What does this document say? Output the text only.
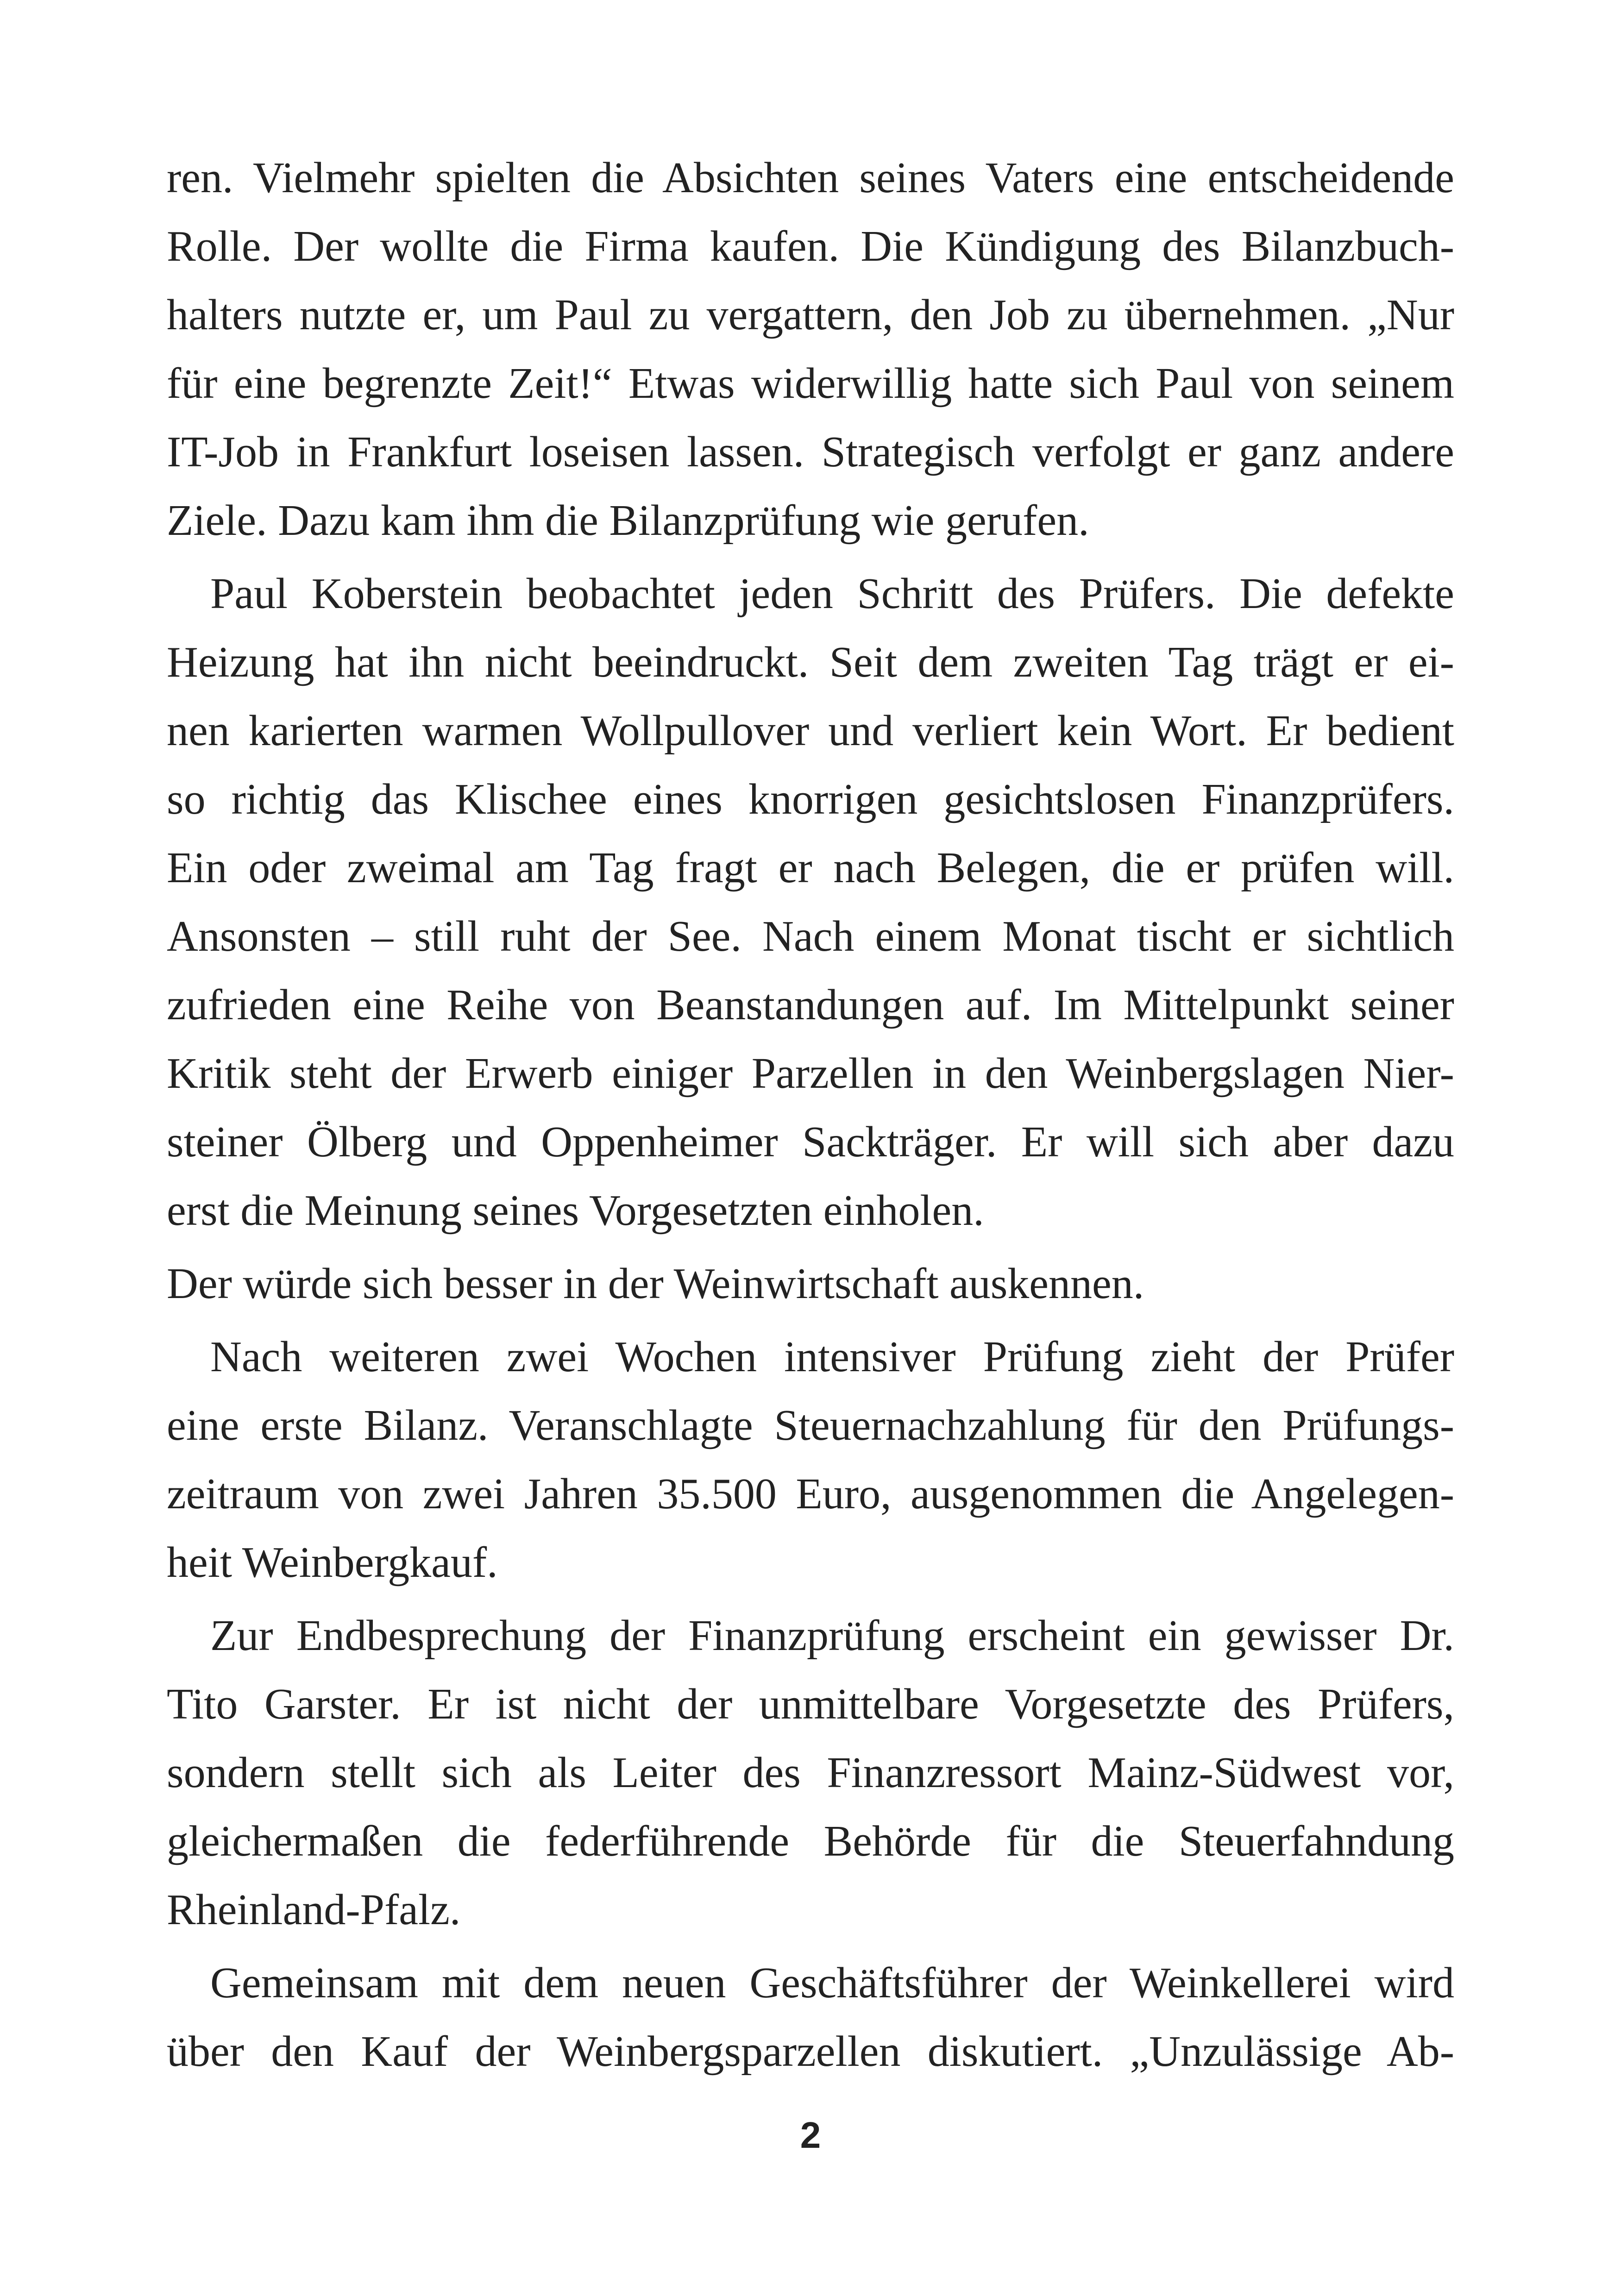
ren. Vielmehr spielten die Absichten seines Vaters eine entscheidende
Rolle. Der wollte die Firma kaufen. Die Kündigung des Bilanzbuch-
halters nutzte er, um Paul zu vergattern, den Job zu übernehmen. „Nur
für eine begrenzte Zeit!“ Etwas widerwillig hatte sich Paul von seinem
IT-Job in Frankfurt loseisen lassen. Strategisch verfolgt er ganz andere
Ziele. Dazu kam ihm die Bilanzprüfung wie gerufen.
Paul Koberstein beobachtet jeden Schritt des Prüfers. Die defekte
Heizung hat ihn nicht beeindruckt. Seit dem zweiten Tag trägt er ei-
nen karierten warmen Wollpullover und verliert kein Wort. Er bedient
so richtig das Klischee eines knorrigen gesichtslosen Finanzprüfers.
Ein oder zweimal am Tag fragt er nach Belegen, die er prüfen will.
Ansonsten – still ruht der See. Nach einem Monat tischt er sichtlich
zufrieden eine Reihe von Beanstandungen auf. Im Mittelpunkt seiner
Kritik steht der Erwerb einiger Parzellen in den Weinbergslagen Nier-
steiner Ölberg und Oppenheimer Sackträger. Er will sich aber dazu
erst die Meinung seines Vorgesetzten einholen.
Der würde sich besser in der Weinwirtschaft auskennen.
Nach weiteren zwei Wochen intensiver Prüfung zieht der Prüfer
eine erste Bilanz. Veranschlagte Steuernachzahlung für den Prüfungs-
zeitraum von zwei Jahren 35.500 Euro, ausgenommen die Angelegen-
heit Weinbergkauf.
Zur Endbesprechung der Finanzprüfung erscheint ein gewisser Dr.
Tito Garster. Er ist nicht der unmittelbare Vorgesetzte des Prüfers,
sondern stellt sich als Leiter des Finanzressort Mainz-Südwest vor,
gleichermaßen die federführende Behörde für die Steuerfahndung
Rheinland-Pfalz.
Gemeinsam mit dem neuen Geschäftsführer der Weinkellerei wird
über den Kauf der Weinbergsparzellen diskutiert. „Unzulässige Ab-
2
